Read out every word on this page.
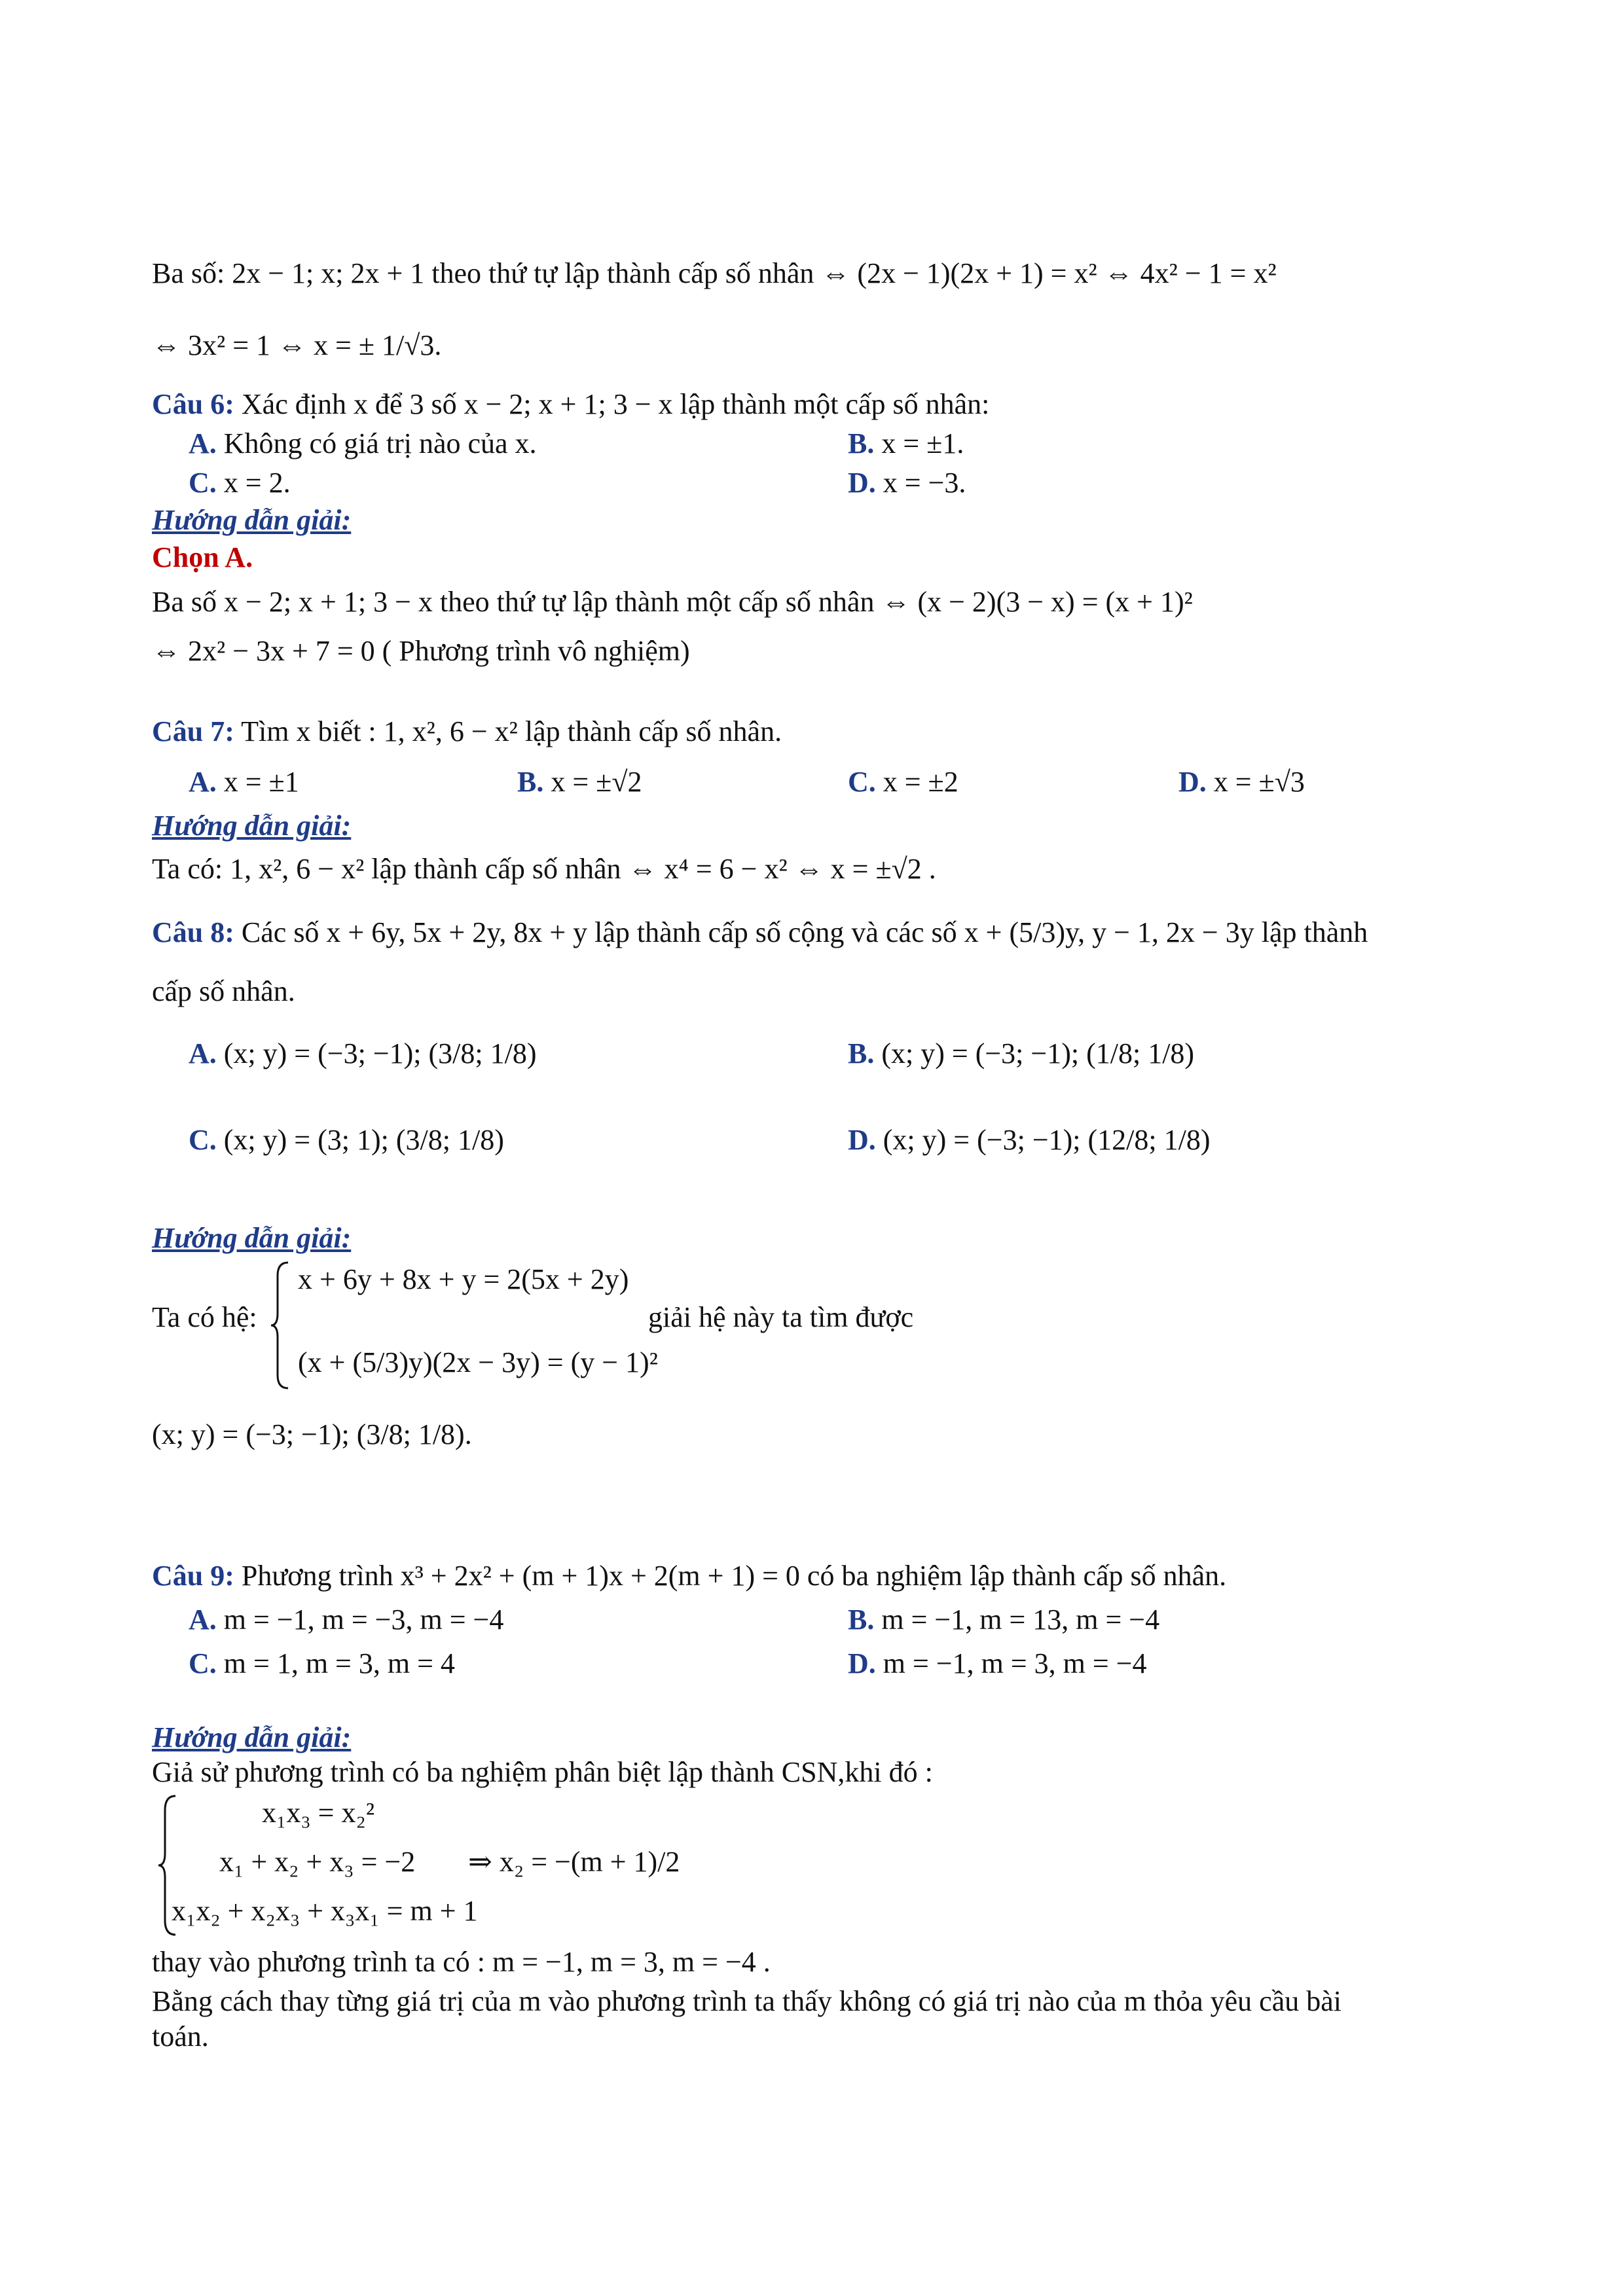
Ba số: 2x − 1; x; 2x + 1 theo thứ tự lập thành cấp số nhân ⇔ (2x − 1)(2x + 1) = x² ⇔ 4x² − 1 = x²
⇔ 3x² = 1 ⇔ x = ± 1/√3.
Câu 6: Xác định x để 3 số x − 2; x + 1; 3 − x lập thành một cấp số nhân:
A. Không có giá trị nào của x.	B. x = ±1.
C. x = 2.	D. x = −3.
Hướng dẫn giải:
Chọn A.
Ba số x − 2; x + 1; 3 − x theo thứ tự lập thành một cấp số nhân ⇔ (x − 2)(3 − x) = (x + 1)²
⇔ 2x² − 3x + 7 = 0 ( Phương trình vô nghiệm)
Câu 7: Tìm x biết : 1, x², 6 − x² lập thành cấp số nhân.
A. x = ±1	B. x = ±√2	C. x = ±2	D. x = ±√3
Hướng dẫn giải:
Ta có: 1, x², 6 − x² lập thành cấp số nhân ⇔ x⁴ = 6 − x² ⇔ x = ±√2 .
Câu 8: Các số x + 6y, 5x + 2y, 8x + y lập thành cấp số cộng và các số x + (5/3)y, y − 1, 2x − 3y lập thành
cấp số nhân.
A. (x; y) = (−3; −1); (3/8; 1/8)	B. (x; y) = (−3; −1); (1/8; 1/8)
C. (x; y) = (3; 1); (3/8; 1/8)	D. (x; y) = (−3; −1); (12/8; 1/8)
Hướng dẫn giải:
Ta có hệ:
x + 6y + 8x + y = 2(5x + 2y)
(x + (5/3)y)(2x − 3y) = (y − 1)²
giải hệ này ta tìm được
(x; y) = (−3; −1); (3/8; 1/8).
Câu 9: Phương trình x³ + 2x² + (m + 1)x + 2(m + 1) = 0 có ba nghiệm lập thành cấp số nhân.
A. m = −1, m = −3, m = −4	B. m = −1, m = 13, m = −4
C. m = 1, m = 3, m = 4	D. m = −1, m = 3, m = −4
Hướng dẫn giải:
Giả sử phương trình có ba nghiệm phân biệt lập thành CSN,khi đó :
x₁x₃ = x₂²
x₁ + x₂ + x₃ = −2
x₁x₂ + x₂x₃ + x₃x₁ = m + 1
⇒ x₂ = −(m + 1)/2
thay vào phương trình ta có : m = −1, m = 3, m = −4 .
Bằng cách thay từng giá trị của m vào phương trình ta thấy không có giá trị nào của m thỏa yêu cầu bài
toán.
